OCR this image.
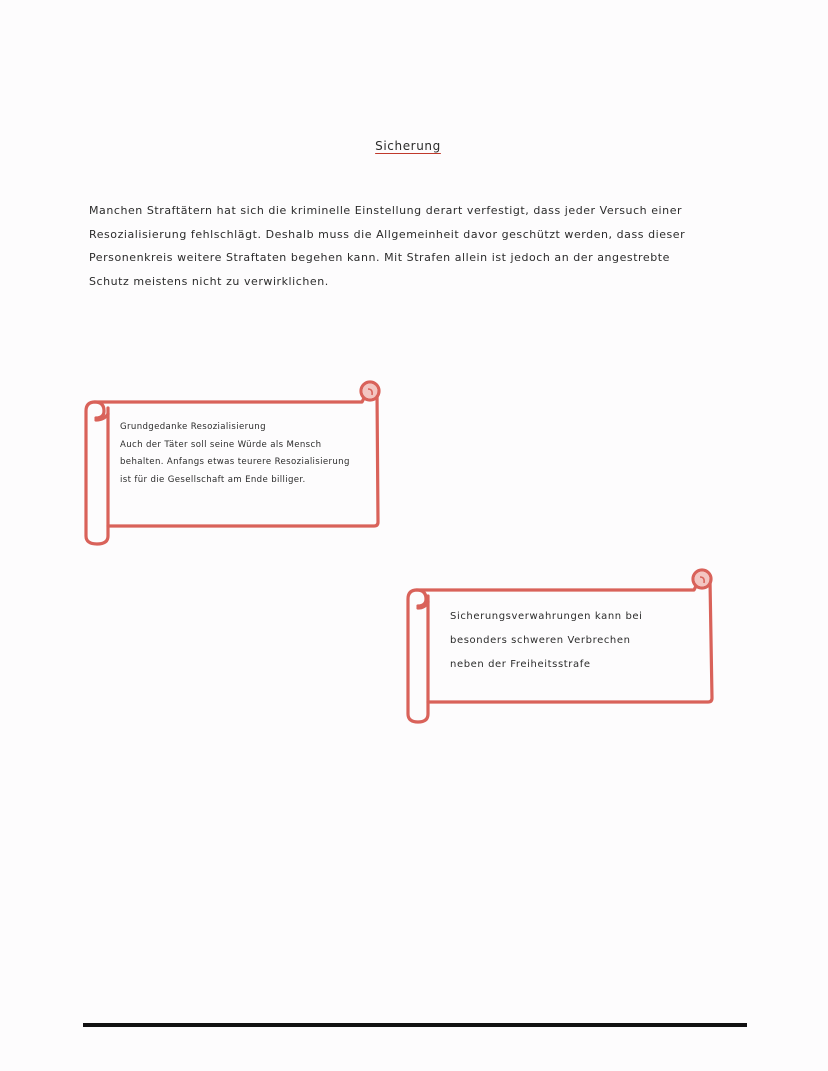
Sicherung
Manchen Straftätern hat sich die kriminelle Einstellung derart verfestigt, dass jeder Versuch einer
Resozialisierung fehlschlägt. Deshalb muss die Allgemeinheit davor geschützt werden, dass dieser
Personenkreis weitere Straftaten begehen kann. Mit Strafen allein ist jedoch an der angestrebte
Schutz meistens nicht zu verwirklichen.
Grundgedanke Resozialisierung
Auch der Täter soll seine Würde als Mensch
behalten. Anfangs etwas teurere Resozialisierung
ist für die Gesellschaft am Ende billiger.
Sicherungsverwahrungen kann bei
besonders schweren Verbrechen
neben der Freiheitsstrafe
